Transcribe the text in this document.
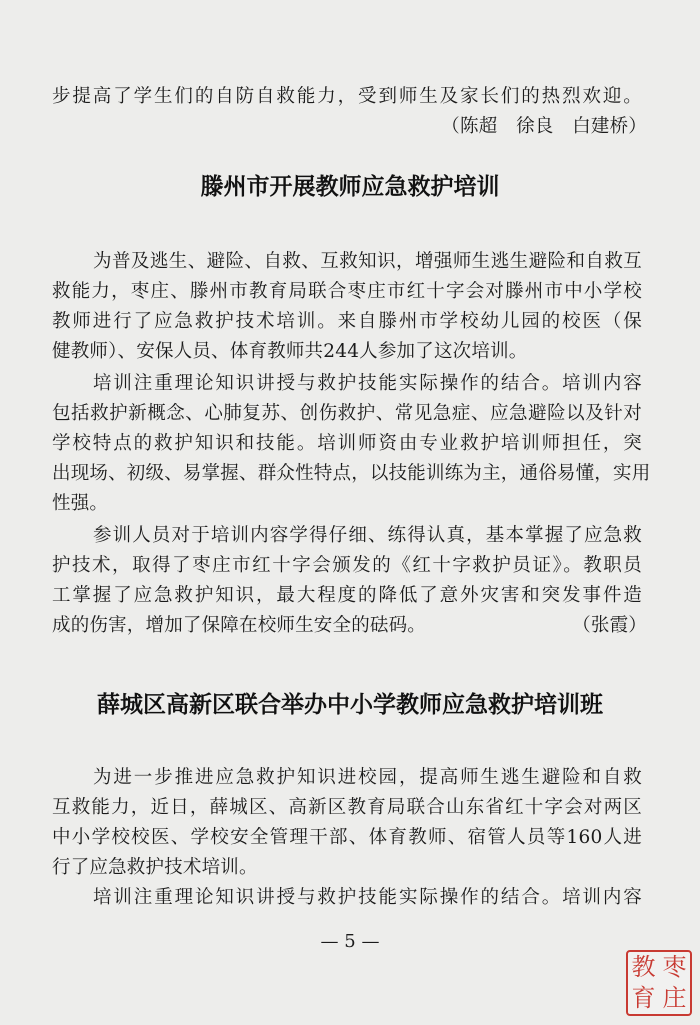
步提高了学生们的自防自救能力，受到师生及家长们的热烈欢迎。
（陈超　徐良　白建桥）
滕州市开展教师应急救护培训
为普及逃生、避险、自救、互救知识，增强师生逃生避险和自救互
救能力，枣庄、滕州市教育局联合枣庄市红十字会对滕州市中小学校
教师进行了应急救护技术培训。来自滕州市学校幼儿园的校医（保
健教师）、安保人员、体育教师共244人参加了这次培训。
培训注重理论知识讲授与救护技能实际操作的结合。培训内容
包括救护新概念、心肺复苏、创伤救护、常见急症、应急避险以及针对
学校特点的救护知识和技能。培训师资由专业救护培训师担任，突
出现场、初级、易掌握、群众性特点，以技能训练为主，通俗易懂，实用
性强。
参训人员对于培训内容学得仔细、练得认真，基本掌握了应急救
护技术，取得了枣庄市红十字会颁发的《红十字救护员证》。教职员
工掌握了应急救护知识，最大程度的降低了意外灾害和突发事件造
成的伤害，增加了保障在校师生安全的砝码。	（张霞）
薛城区高新区联合举办中小学教师应急救护培训班
为进一步推进应急救护知识进校园，提高师生逃生避险和自救
互救能力，近日，薛城区、高新区教育局联合山东省红十字会对两区
中小学校校医、学校安全管理干部、体育教师、宿管人员等160人进
行了应急救护技术培训。
培训注重理论知识讲授与救护技能实际操作的结合。培训内容
— 5 —
教 枣
育 庄
